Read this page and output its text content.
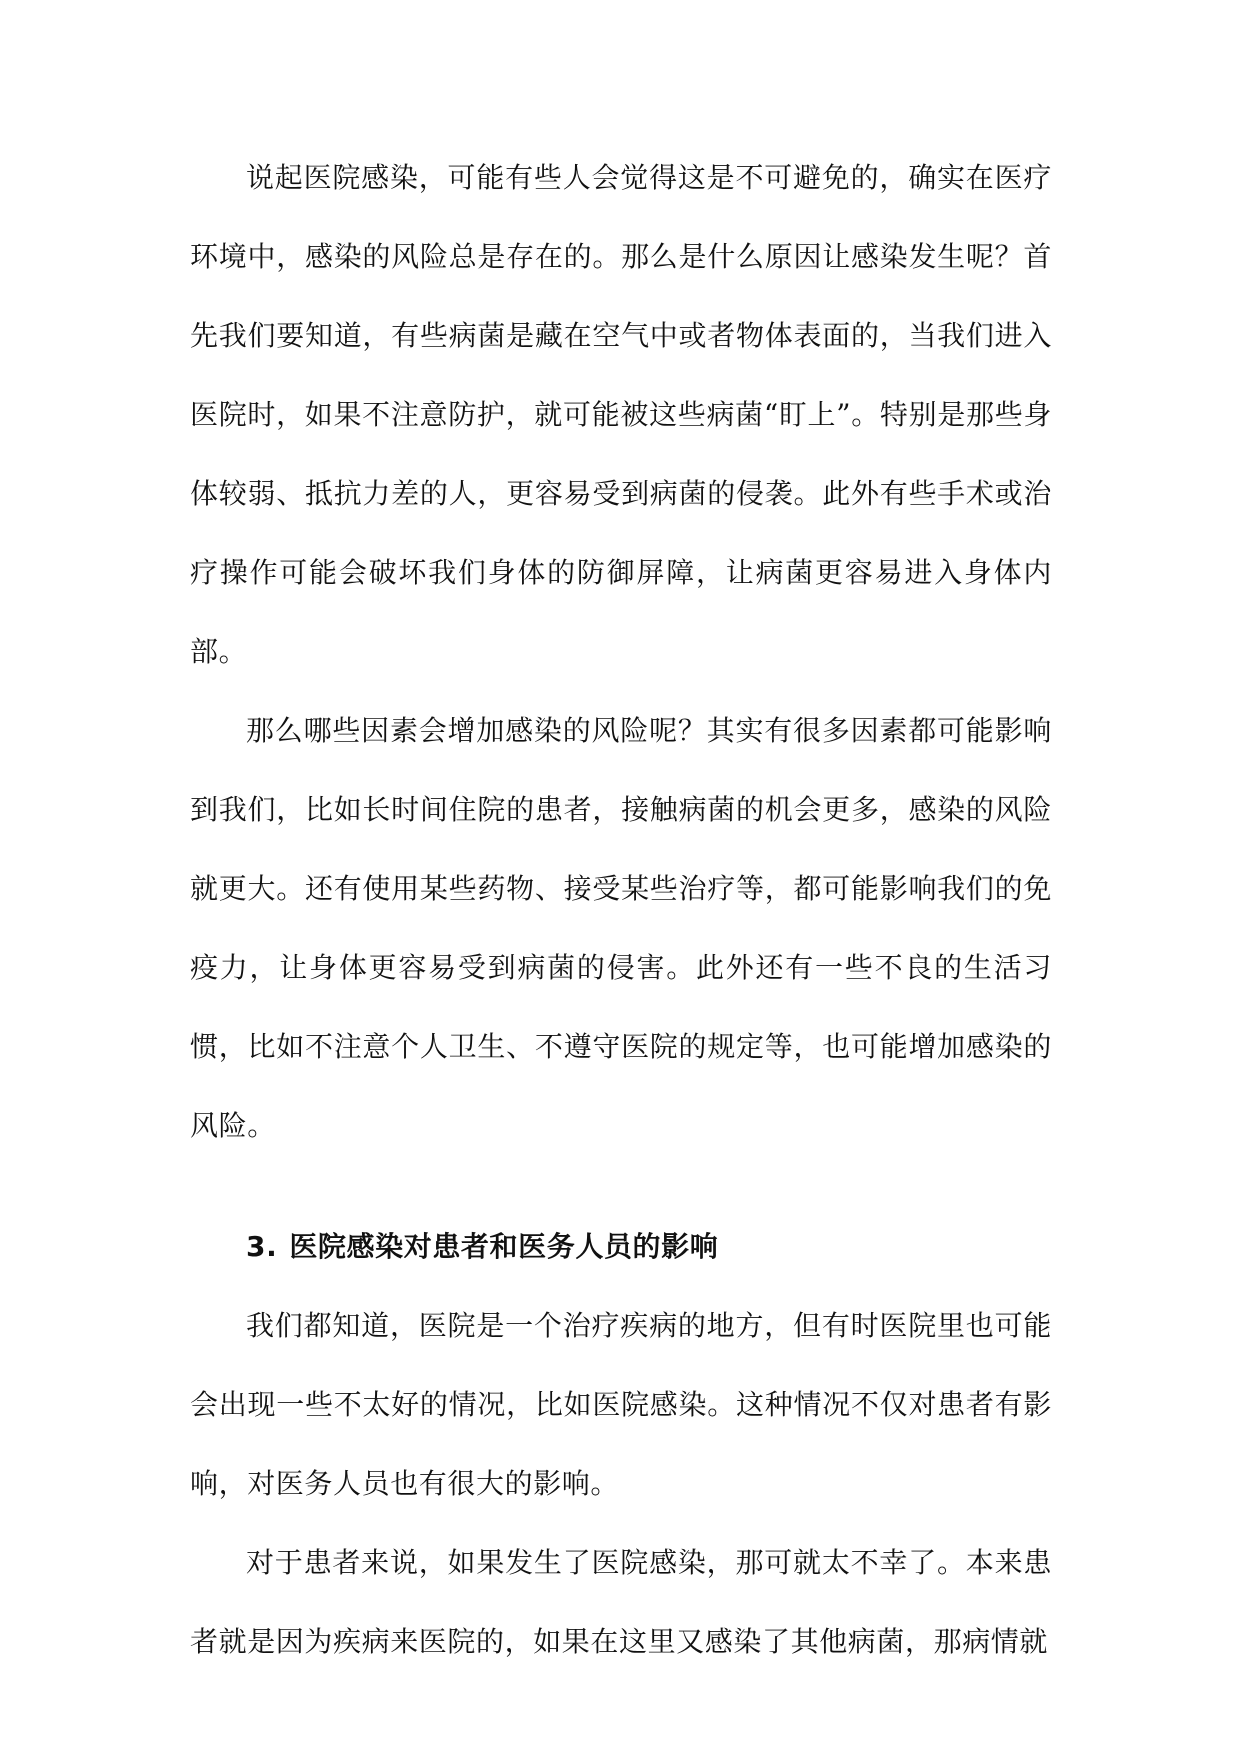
说起医院感染，可能有些人会觉得这是不可避免的，确实在医疗环境中，感染的风险总是存在的。那么是什么原因让感染发生呢？首先我们要知道，有些病菌是藏在空气中或者物体表面的，当我们进入医院时，如果不注意防护，就可能被这些病菌“盯上”。特别是那些身体较弱、抵抗力差的人，更容易受到病菌的侵袭。此外有些手术或治疗操作可能会破坏我们身体的防御屏障，让病菌更容易进入身体内部。

那么哪些因素会增加感染的风险呢？其实有很多因素都可能影响到我们，比如长时间住院的患者，接触病菌的机会更多，感染的风险就更大。还有使用某些药物、接受某些治疗等，都可能影响我们的免疫力，让身体更容易受到病菌的侵害。此外还有一些不良的生活习惯，比如不注意个人卫生、不遵守医院的规定等，也可能增加感染的风险。

3. 医院感染对患者和医务人员的影响

我们都知道，医院是一个治疗疾病的地方，但有时医院里也可能会出现一些不太好的情况，比如医院感染。这种情况不仅对患者有影响，对医务人员也有很大的影响。

对于患者来说，如果发生了医院感染，那可就太不幸了。本来患者就是因为疾病来医院的，如果在这里又感染了其他病菌，那病情就
